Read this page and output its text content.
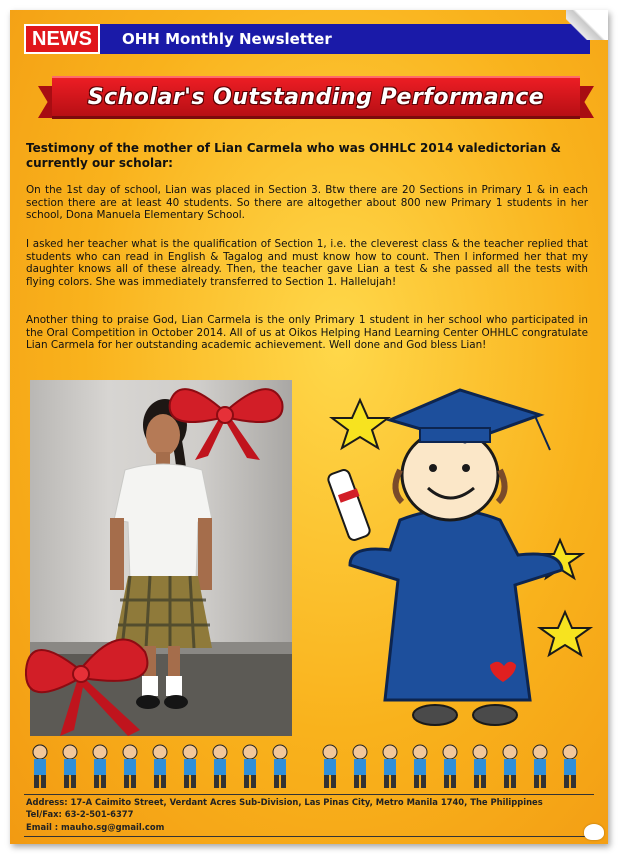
NEWS	OHH Monthly Newsletter
Scholar's Outstanding Performance
Testimony of the mother of Lian Carmela who was OHHLC 2014 valedictorian & currently our scholar:
On the 1st day of school, Lian was placed in Section 3. Btw there are 20 Sections in Primary 1 & in each section there are at least 40 students. So there are altogether about 800 new Primary 1 students in her school, Dona Manuela Elementary School.
I asked her teacher what is the qualification of Section 1, i.e. the cleverest class & the teacher replied that students who can read in English & Tagalog and must know how to count. Then I informed her that my daughter knows all of these already. Then, the teacher gave Lian a test & she passed all the tests with flying colors. She was immediately transferred to Section 1. Hallelujah!
Another thing to praise God, Lian Carmela is the only Primary 1 student in her school who participated in the Oral Competition in October 2014. All of us at Oikos Helping Hand Learning Center OHHLC congratulate Lian Carmela for her outstanding academic achievement. Well done and God bless Lian!
Address: 17-A Caimito Street, Verdant Acres Sub-Division, Las Pinas City, Metro Manila 1740, The Philippines
Tel/Fax: 63-2-501-6377
Email : mauho.sg@gmail.com
